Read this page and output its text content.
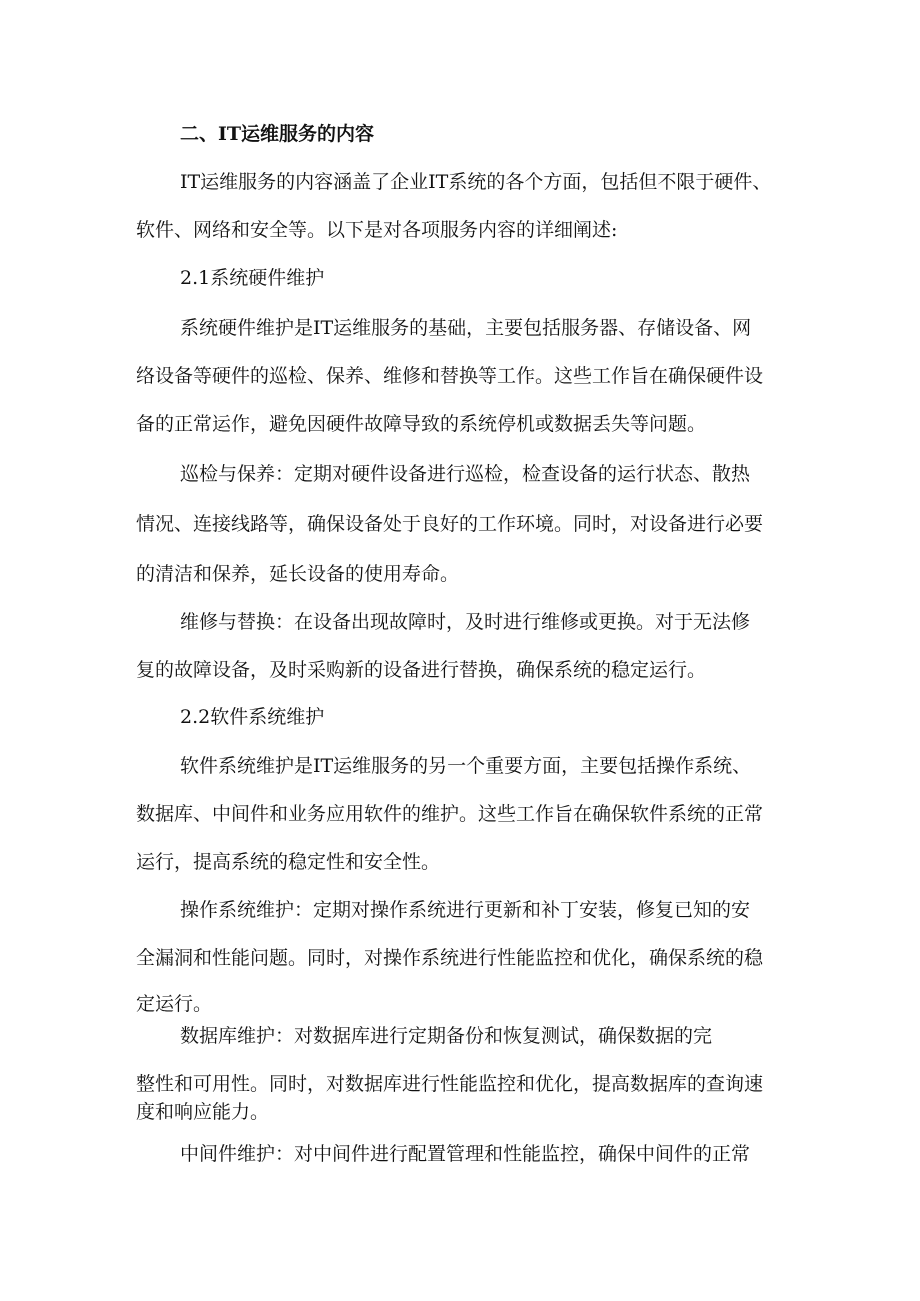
二、IT运维服务的内容
IT运维服务的内容涵盖了企业IT系统的各个方面，包括但不限于硬件、
软件、网络和安全等。以下是对各项服务内容的详细阐述:
2.1系统硬件维护
系统硬件维护是IT运维服务的基础，主要包括服务器、存储设备、网
络设备等硬件的巡检、保养、维修和替换等工作。这些工作旨在确保硬件设
备的正常运作，避免因硬件故障导致的系统停机或数据丢失等问题。
巡检与保养：定期对硬件设备进行巡检，检查设备的运行状态、散热
情况、连接线路等，确保设备处于良好的工作环境。同时，对设备进行必要
的清洁和保养，延长设备的使用寿命。
维修与替换：在设备出现故障时，及时进行维修或更换。对于无法修
复的故障设备，及时采购新的设备进行替换，确保系统的稳定运行。
2.2软件系统维护
软件系统维护是IT运维服务的另一个重要方面，主要包括操作系统、
数据库、中间件和业务应用软件的维护。这些工作旨在确保软件系统的正常
运行，提高系统的稳定性和安全性。
操作系统维护：定期对操作系统进行更新和补丁安装，修复已知的安
全漏洞和性能问题。同时，对操作系统进行性能监控和优化，确保系统的稳
定运行。
数据库维护：对数据库进行定期备份和恢复测试，确保数据的完
整性和可用性。同时，对数据库进行性能监控和优化，提高数据库的查询速
度和响应能力。
中间件维护：对中间件进行配置管理和性能监控，确保中间件的正常
